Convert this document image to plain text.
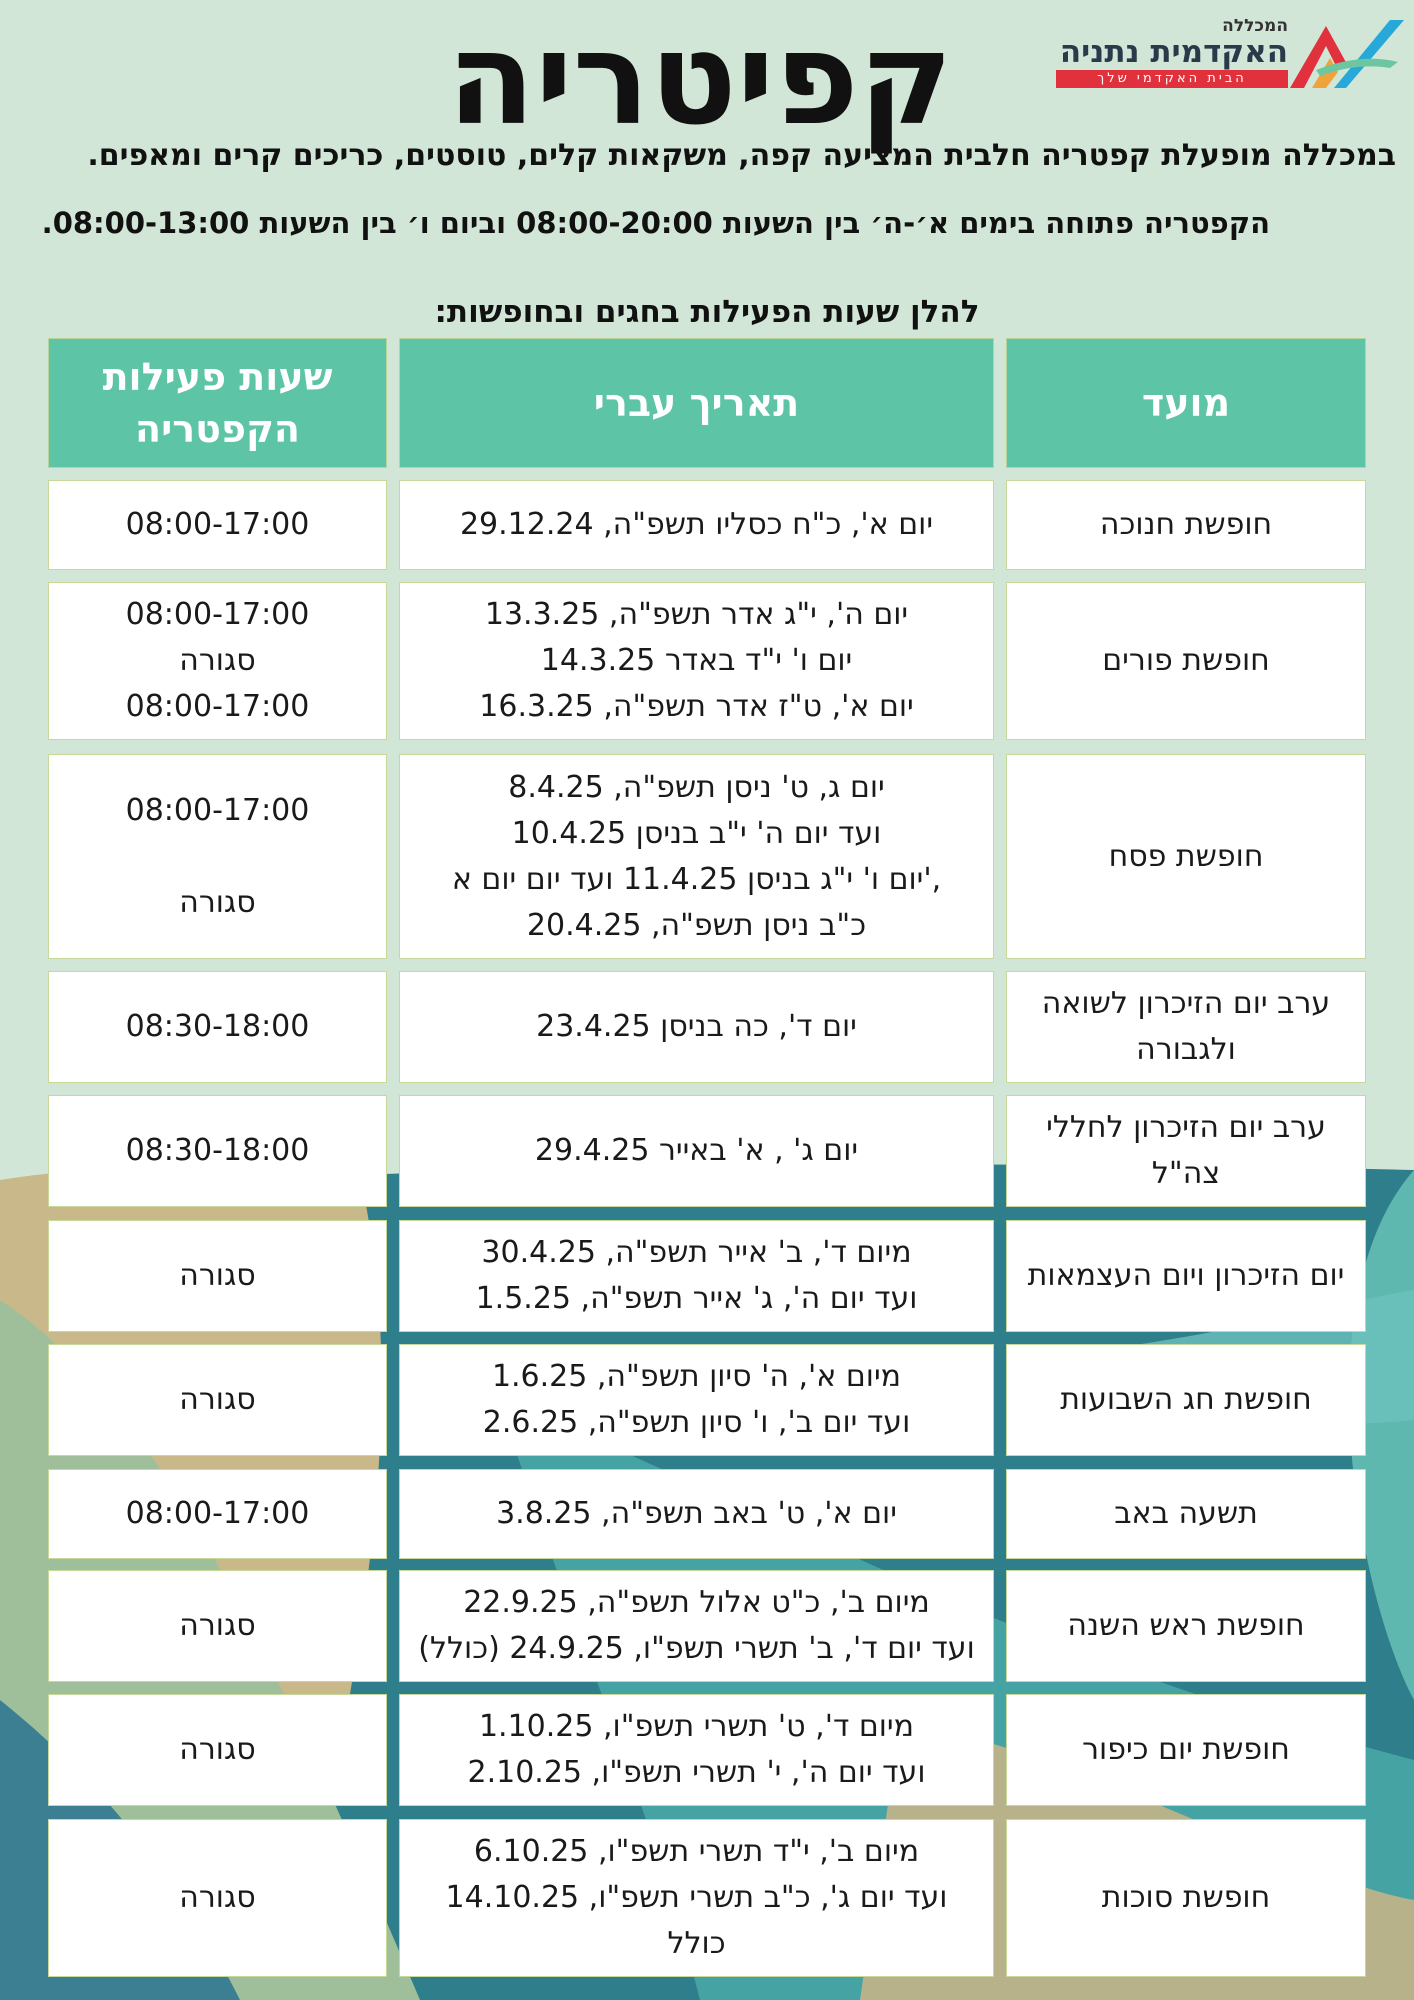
המכללה
האקדמית נתניה
הבית האקדמי שלך
קפיטריה
במכללה מופעלת קפטריה חלבית המציעה קפה, משקאות קלים, טוסטים, כריכים קרים ומאפים.
הקפטריה פתוחה בימים א׳-ה׳ בין השעות 08:00-20:00 וביום ו׳ בין השעות 08:00-13:00.
להלן שעות הפעילות בחגים ובחופשות:
מועד
תאריך עברי
שעות פעילות
הקפטריה
חופשת חנוכה
יום א', כ"ח כסליו תשפ"ה, 29.12.24
08:00-17:00
חופשת פורים
יום ה', י"ג אדר תשפ"ה, 13.3.25
יום ו' י"ד באדר 14.3.25
יום א', ט"ז אדר תשפ"ה, 16.3.25
08:00-17:00
סגורה
08:00-17:00
חופשת פסח
יום ג, ט' ניסן תשפ"ה, 8.4.25
ועד יום ה' י"ב בניסן 10.4.25
,'יום ו' י"ג בניסן 11.4.25 ועד יום יום א
כ"ב ניסן תשפ"ה, 20.4.25
08:00-17:00

סגורה

ערב יום הזיכרון לשואה
ולגבורה
יום ד', כה בניסן 23.4.25
08:30-18:00
ערב יום הזיכרון לחללי
צה"ל
יום ג' , א' באייר 29.4.25
08:30-18:00
יום הזיכרון ויום העצמאות
מיום ד', ב' אייר תשפ"ה, 30.4.25
ועד יום ה', ג' אייר תשפ"ה, 1.5.25
סגורה
חופשת חג השבועות
מיום א', ה' סיון תשפ"ה, 1.6.25
ועד יום ב', ו' סיון תשפ"ה, 2.6.25
סגורה
תשעה באב
יום א', ט' באב תשפ"ה, 3.8.25
08:00-17:00
חופשת ראש השנה
מיום ב', כ"ט אלול תשפ"ה, 22.9.25
ועד יום ד', ב' תשרי תשפ"ו, 24.9.25 (כולל)
סגורה
חופשת יום כיפור
מיום ד', ט' תשרי תשפ"ו, 1.10.25
ועד יום ה', י' תשרי תשפ"ו, 2.10.25
סגורה
חופשת סוכות
מיום ב', י"ד תשרי תשפ"ו, 6.10.25
ועד יום ג', כ"ב תשרי תשפ"ו, 14.10.25
כולל
סגורה
